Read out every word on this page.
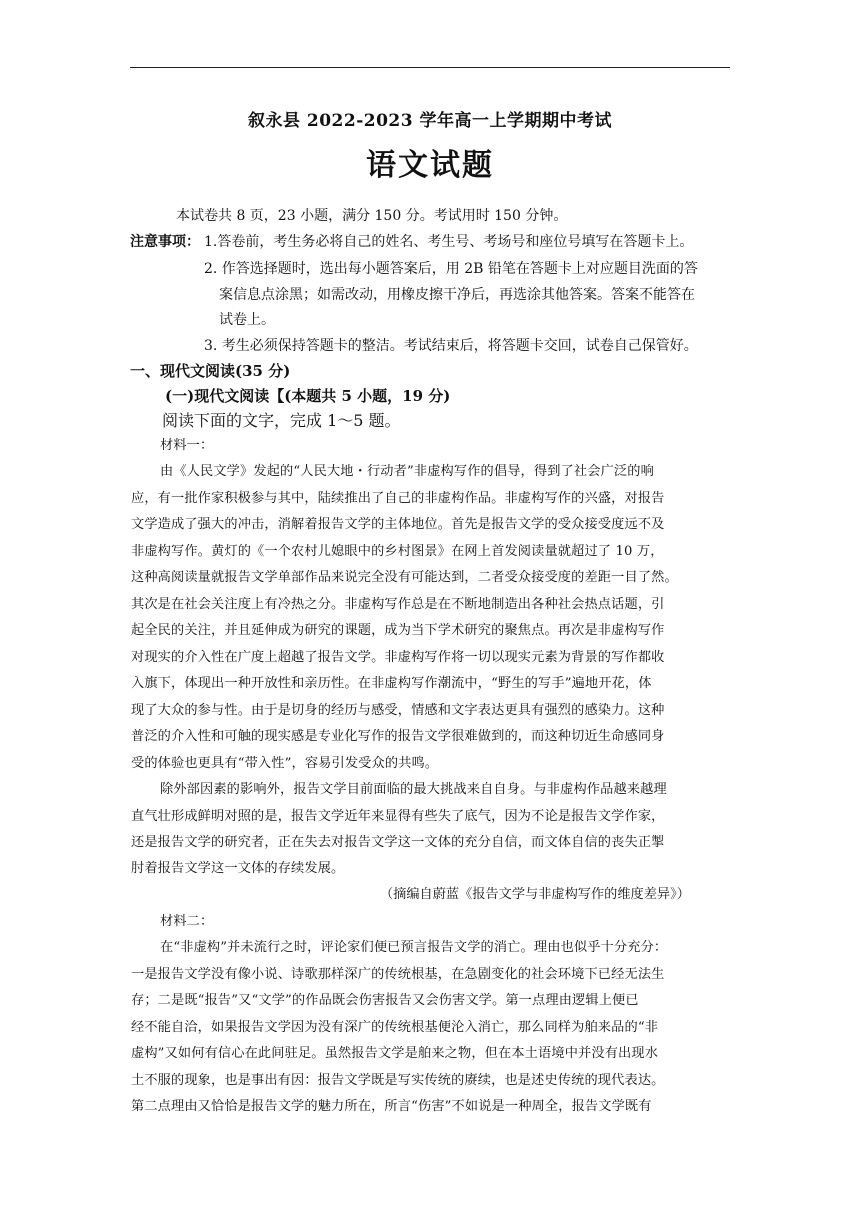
叙永县 2022-2023 学年高一上学期期中考试
语文试题
本试卷共 8 页，23 小题，满分 150 分。考试用时 150 分钟。
注意事项： 1.答卷前，考生务必将自己的姓名、考生号、考场号和座位号填写在答题卡上。
2. 作答选择题时，选出每小题答案后，用 2B 铅笔在答题卡上对应题目洗面的答
案信息点涂黑；如需改动，用橡皮擦干净后，再选涂其他答案。答案不能答在
试卷上。
3. 考生必须保持答题卡的整洁。考试结束后，将答题卡交回，试卷自己保管好。
一、现代文阅读(35 分)
(一)现代文阅读【(本题共 5 小题，19 分)
阅读下面的文字，完成 1～5 题。
材料一：
由《人民文学》发起的“人民大地・行动者”非虚构写作的倡导，得到了社会广泛的响
应，有一批作家积极参与其中，陆续推出了自己的非虚构作品。非虚构写作的兴盛，对报告
文学造成了强大的冲击，消解着报告文学的主体地位。首先是报告文学的受众接受度远不及
非虚构写作。黄灯的《一个农村儿媳眼中的乡村图景》在网上首发阅读量就超过了 10 万，
这种高阅读量就报告文学单部作品来说完全没有可能达到，二者受众接受度的差距一目了然。
其次是在社会关注度上有冷热之分。非虚构写作总是在不断地制造出各种社会热点话题，引
起全民的关注，并且延伸成为研究的课题，成为当下学术研究的聚焦点。再次是非虚构写作
对现实的介入性在广度上超越了报告文学。非虚构写作将一切以现实元素为背景的写作都收
入旗下，体现出一种开放性和亲历性。在非虚构写作潮流中，“野生的写手”遍地开花，体
现了大众的参与性。由于是切身的经历与感受，情感和文字表达更具有强烈的感染力。这种
普泛的介入性和可触的现实感是专业化写作的报告文学很难做到的，而这种切近生命感同身
受的体验也更具有“带入性”，容易引发受众的共鸣。
除外部因素的影响外，报告文学目前面临的最大挑战来自自身。与非虚构作品越来越理
直气壮形成鲜明对照的是，报告文学近年来显得有些失了底气，因为不论是报告文学作家，
还是报告文学的研究者，正在失去对报告文学这一文体的充分自信，而文体自信的丧失正掣
肘着报告文学这一文体的存续发展。
（摘编自蔚蓝《报告文学与非虚构写作的维度差异》）
材料二：
在“非虚构”并未流行之时，评论家们便已预言报告文学的消亡。理由也似乎十分充分：
一是报告文学没有像小说、诗歌那样深广的传统根基，在急剧变化的社会环境下已经无法生
存；二是既“报告”又“文学”的作品既会伤害报告又会伤害文学。第一点理由逻辑上便已
经不能自洽，如果报告文学因为没有深广的传统根基便沦入消亡，那么同样为舶来品的“非
虚构”又如何有信心在此间驻足。虽然报告文学是舶来之物，但在本土语境中并没有出现水
土不服的现象，也是事出有因：报告文学既是写实传统的赓续，也是述史传统的现代表达。
第二点理由又恰恰是报告文学的魅力所在，所言“伤害”不如说是一种周全，报告文学既有
